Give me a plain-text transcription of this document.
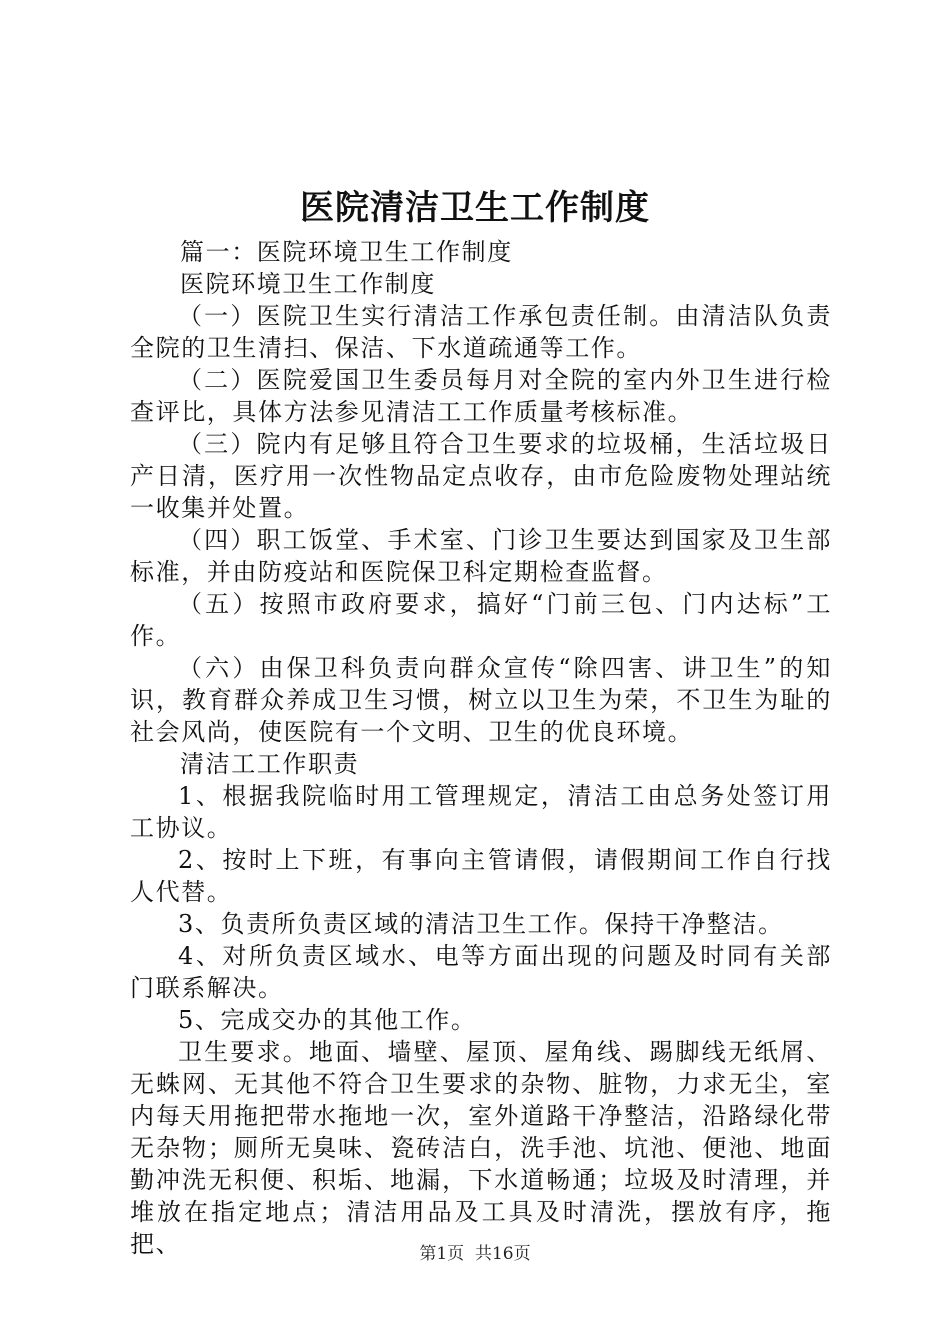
医院清洁卫生工作制度

篇一：医院环境卫生工作制度

医院环境卫生工作制度

（一）医院卫生实行清洁工作承包责任制。由清洁队负责全院的卫生清扫、保洁、下水道疏通等工作。

（二）医院爱国卫生委员每月对全院的室内外卫生进行检查评比，具体方法参见清洁工工作质量考核标准。

（三）院内有足够且符合卫生要求的垃圾桶，生活垃圾日产日清，医疗用一次性物品定点收存，由市危险废物处理站统一收集并处置。

（四）职工饭堂、手术室、门诊卫生要达到国家及卫生部标准，并由防疫站和医院保卫科定期检查监督。

（五）按照市政府要求，搞好“门前三包、门内达标”工作。

（六）由保卫科负责向群众宣传“除四害、讲卫生”的知识，教育群众养成卫生习惯，树立以卫生为荣，不卫生为耻的社会风尚，使医院有一个文明、卫生的优良环境。

清洁工工作职责

1、根据我院临时用工管理规定，清洁工由总务处签订用工协议。

2、按时上下班，有事向主管请假，请假期间工作自行找人代替。

3、负责所负责区域的清洁卫生工作。保持干净整洁。

4、对所负责区域水、电等方面出现的问题及时同有关部门联系解决。

5、完成交办的其他工作。

卫生要求。地面、墙壁、屋顶、屋角线、踢脚线无纸屑、无蛛网、无其他不符合卫生要求的杂物、脏物，力求无尘，室内每天用拖把带水拖地一次，室外道路干净整洁，沿路绿化带无杂物；厕所无臭味、瓷砖洁白，洗手池、坑池、便池、地面勤冲洗无积便、积垢、地漏，下水道畅通；垃圾及时清理，并堆放在指定地点；清洁用品及工具及时清洗，摆放有序，拖把、	第1页  共16页
